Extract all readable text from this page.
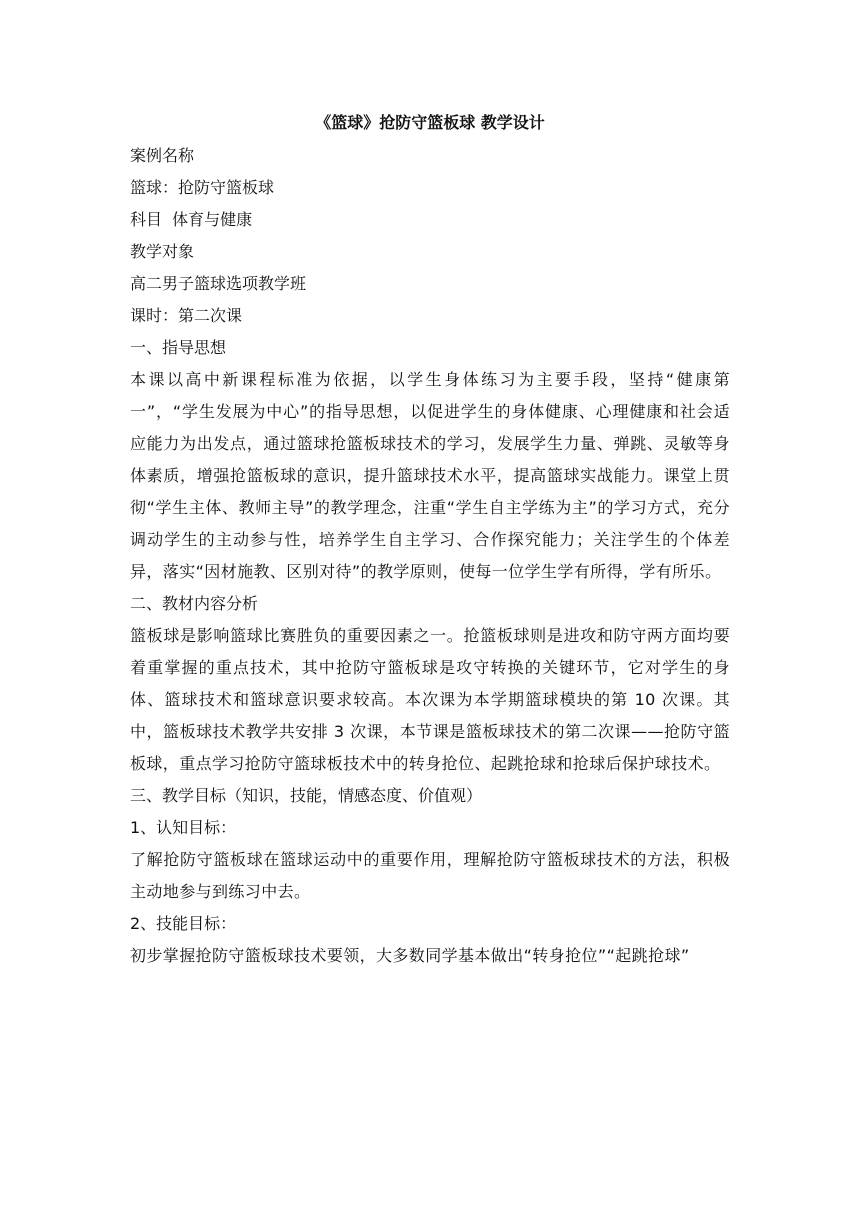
《篮球》抢防守篮板球 教学设计

案例名称

篮球：抢防守篮板球

科目  体育与健康

教学对象

高二男子篮球选项教学班

课时：第二次课

一、指导思想

本课以高中新课程标准为依据，以学生身体练习为主要手段，坚持“健康第一”，“学生发展为中心”的指导思想，以促进学生的身体健康、心理健康和社会适应能力为出发点，通过篮球抢篮板球技术的学习，发展学生力量、弹跳、灵敏等身体素质，增强抢篮板球的意识，提升篮球技术水平，提高篮球实战能力。课堂上贯彻“学生主体、教师主导”的教学理念，注重“学生自主学练为主”的学习方式，充分调动学生的主动参与性，培养学生自主学习、合作探究能力；关注学生的个体差异，落实“因材施教、区别对待”的教学原则，使每一位学生学有所得，学有所乐。

二、教材内容分析

篮板球是影响篮球比赛胜负的重要因素之一。抢篮板球则是进攻和防守两方面均要着重掌握的重点技术，其中抢防守篮板球是攻守转换的关键环节，它对学生的身体、篮球技术和篮球意识要求较高。本次课为本学期篮球模块的第 10 次课。其中，篮板球技术教学共安排 3 次课，本节课是篮板球技术的第二次课——抢防守篮板球，重点学习抢防守篮球板技术中的转身抢位、起跳抢球和抢球后保护球技术。

三、教学目标（知识，技能，情感态度、价值观）

1、认知目标：

了解抢防守篮板球在篮球运动中的重要作用，理解抢防守篮板球技术的方法，积极主动地参与到练习中去。

2、技能目标：

初步掌握抢防守篮板球技术要领，大多数同学基本做出“转身抢位”“起跳抢球”
